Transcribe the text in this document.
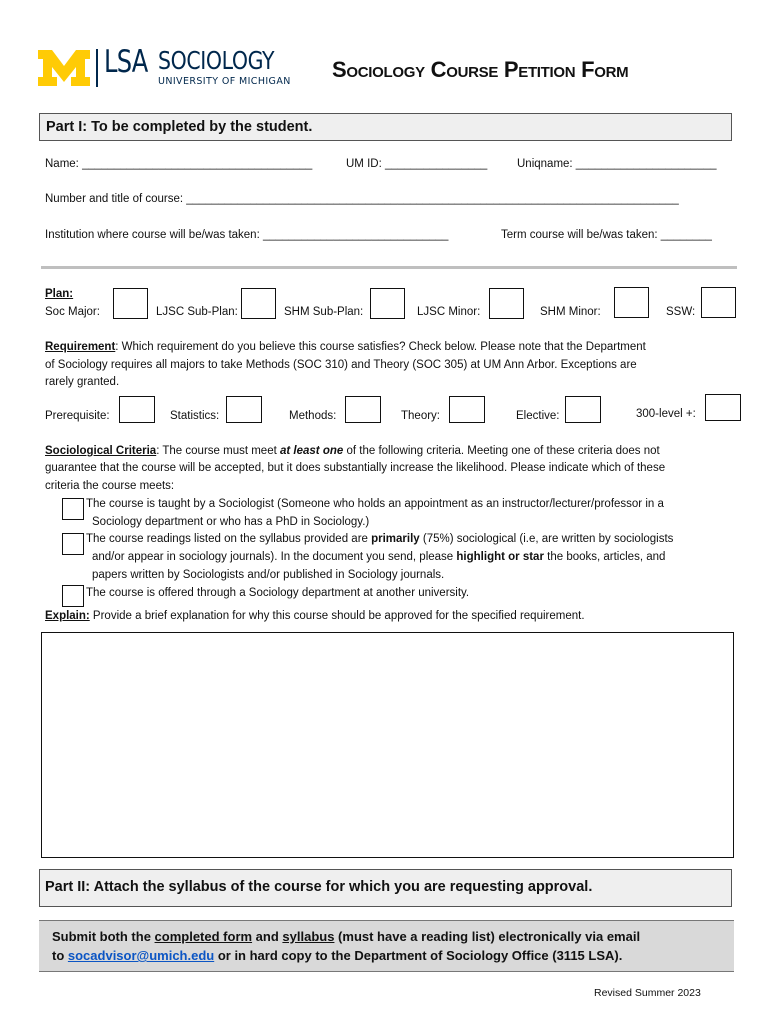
LSA SOCIOLOGY
UNIVERSITY OF MICHIGAN Sociology Course Petition Form
Part I: To be completed by the student.
Name: ____________________________________	UM ID: ________________	Uniqname: ______________________
Number and title of course: _____________________________________________________________________________
Institution where course will be/was taken: _____________________________	Term course will be/was taken: ________
Plan:
Soc Major:	LJSC Sub-Plan:	SHM Sub-Plan:	LJSC Minor:	SHM Minor:	SSW:
Requirement: Which requirement do you believe this course satisfies? Check below. Please note that the Department
of Sociology requires all majors to take Methods (SOC 310) and Theory (SOC 305) at UM Ann Arbor. Exceptions are
rarely granted.
Prerequisite:	Statistics:	Methods:	Theory:	Elective:	300-level +:
Sociological Criteria: The course must meet at least one of the following criteria. Meeting one of these criteria does not
guarantee that the course will be accepted, but it does substantially increase the likelihood. Please indicate which of these
criteria the course meets:
The course is taught by a Sociologist (Someone who holds an appointment as an instructor/lecturer/professor in a
Sociology department or who has a PhD in Sociology.)
The course readings listed on the syllabus provided are primarily (75%) sociological (i.e, are written by sociologists
and/or appear in sociology journals). In the document you send, please highlight or star the books, articles, and
papers written by Sociologists and/or published in Sociology journals.
The course is offered through a Sociology department at another university.
Explain: Provide a brief explanation for why this course should be approved for the specified requirement.
Part II: Attach the syllabus of the course for which you are requesting approval.
Submit both the completed form and syllabus (must have a reading list) electronically via email
to socadvisor@umich.edu or in hard copy to the Department of Sociology Office (3115 LSA).
Revised Summer 2023
